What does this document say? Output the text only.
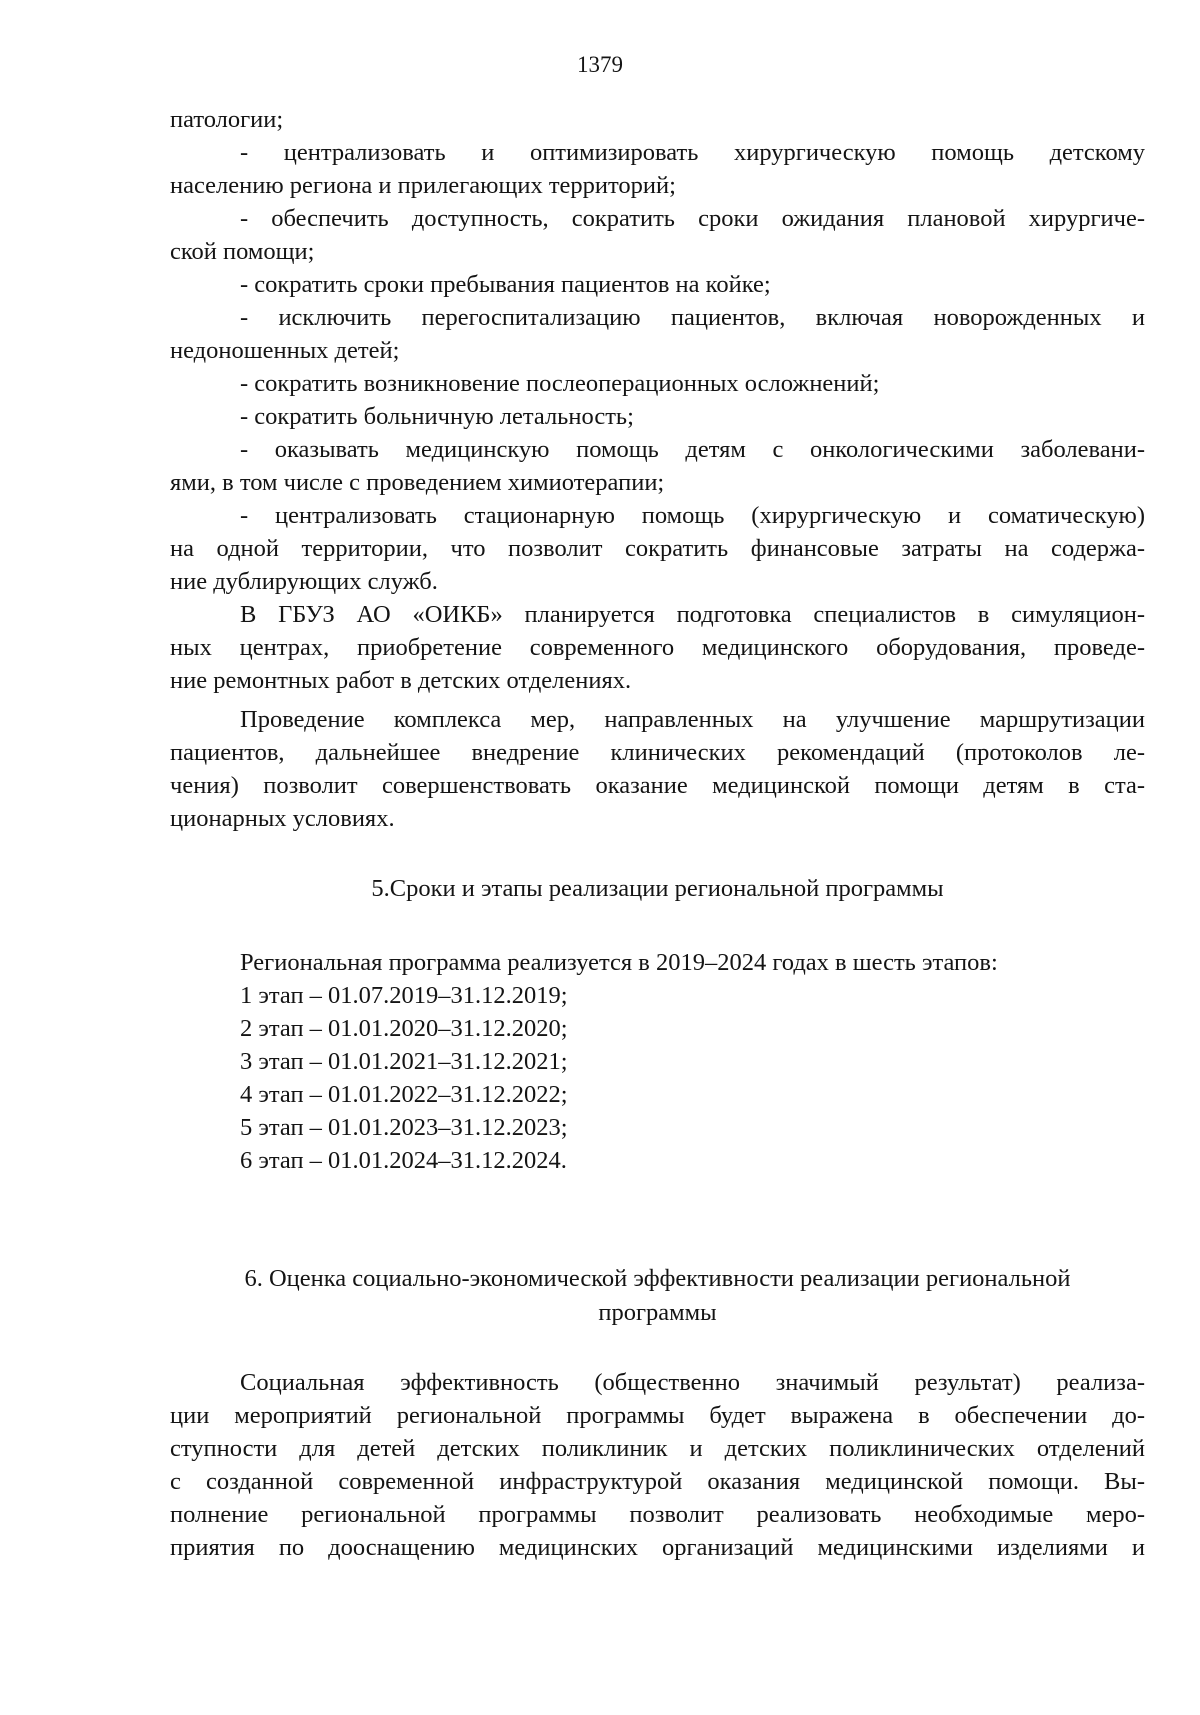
1379
патологии;
- централизовать и оптимизировать хирургическую помощь детскому
населению региона и прилегающих территорий;
- обеспечить доступность, сократить сроки ожидания плановой хирургиче-
ской помощи;
- сократить сроки пребывания пациентов на койке;
- исключить перегоспитализацию пациентов, включая новорожденных и
недоношенных детей;
- сократить возникновение послеоперационных осложнений;
- сократить больничную летальность;
- оказывать медицинскую помощь детям с онкологическими заболевани-
ями, в том числе с проведением химиотерапии;
- централизовать стационарную помощь (хирургическую и соматическую)
на одной территории, что позволит сократить финансовые затраты на содержа-
ние дублирующих служб.
В ГБУЗ АО «ОИКБ» планируется подготовка специалистов в симуляцион-
ных центрах, приобретение современного медицинского оборудования, проведе-
ние ремонтных работ в детских отделениях.
Проведение комплекса мер, направленных на улучшение маршрутизации
пациентов, дальнейшее внедрение клинических рекомендаций (протоколов ле-
чения) позволит совершенствовать оказание медицинской помощи детям в ста-
ционарных условиях.
5.Сроки и этапы реализации региональной программы
Региональная программа реализуется в 2019–2024 годах в шесть этапов:
1 этап – 01.07.2019–31.12.2019;
2 этап – 01.01.2020–31.12.2020;
3 этап – 01.01.2021–31.12.2021;
4 этап – 01.01.2022–31.12.2022;
5 этап – 01.01.2023–31.12.2023;
6 этап – 01.01.2024–31.12.2024.
6. Оценка социально-экономической эффективности реализации региональной
программы
Социальная эффективность (общественно значимый результат) реализа-
ции мероприятий региональной программы будет выражена в обеспечении до-
ступности для детей детских поликлиник и детских поликлинических отделений
с созданной современной инфраструктурой оказания медицинской помощи. Вы-
полнение региональной программы позволит реализовать необходимые меро-
приятия по дооснащению медицинских организаций медицинскими изделиями и
